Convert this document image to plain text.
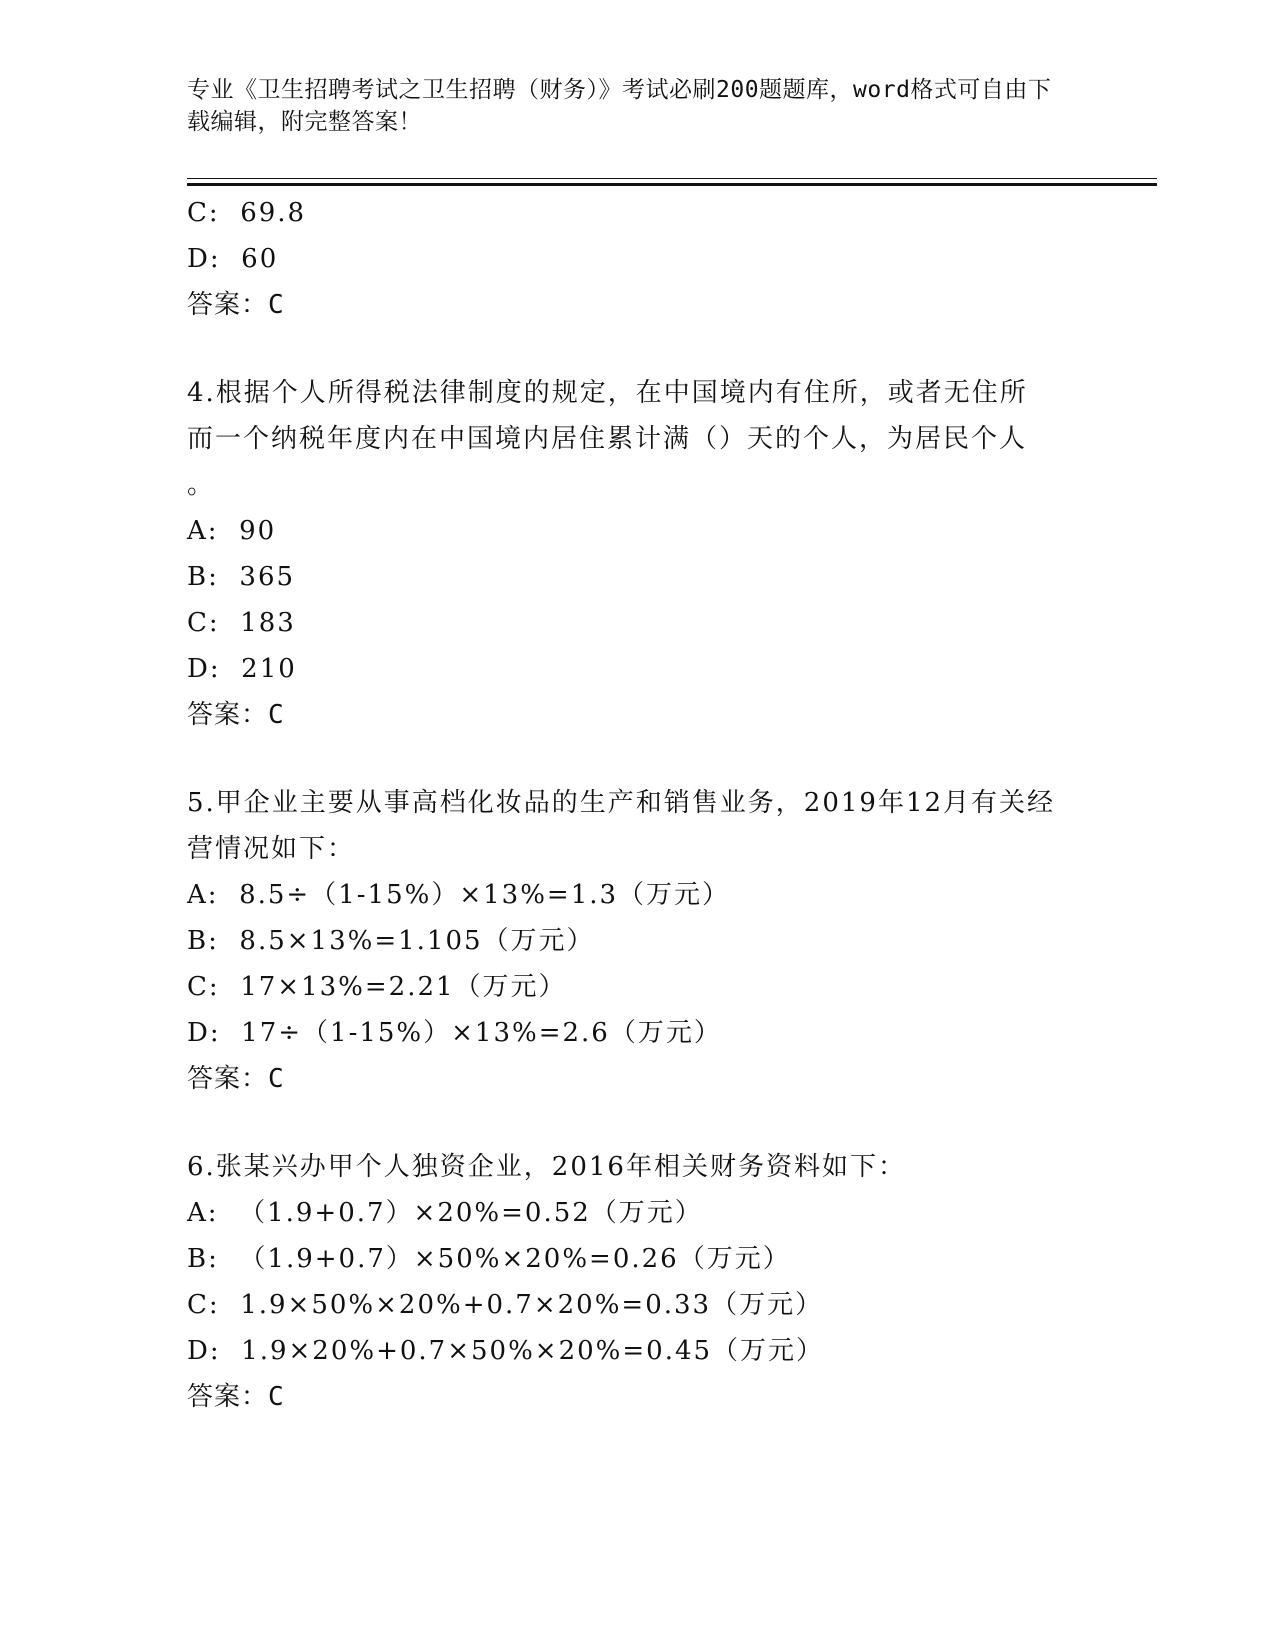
专业《卫生招聘考试之卫生招聘（财务）》考试必刷200题题库，word格式可自由下载编辑，附完整答案！
C:  69.8
D:  60
答案：C
4.根据个人所得税法律制度的规定，在中国境内有住所，或者无住所
而一个纳税年度内在中国境内居住累计满（）天的个人，为居民个人
。
A:  90
B:  365
C:  183
D:  210
答案：C
5.甲企业主要从事高档化妆品的生产和销售业务，2019年12月有关经
营情况如下：
A:  8.5÷（1-15%）×13%=1.3（万元）
B:  8.5×13%=1.105（万元）
C:  17×13%=2.21（万元）
D:  17÷（1-15%）×13%=2.6（万元）
答案：C
6.张某兴办甲个人独资企业，2016年相关财务资料如下：
A:  （1.9+0.7）×20%=0.52（万元）
B:  （1.9+0.7）×50%×20%=0.26（万元）
C:  1.9×50%×20%+0.7×20%=0.33（万元）
D:  1.9×20%+0.7×50%×20%=0.45（万元）
答案：C
